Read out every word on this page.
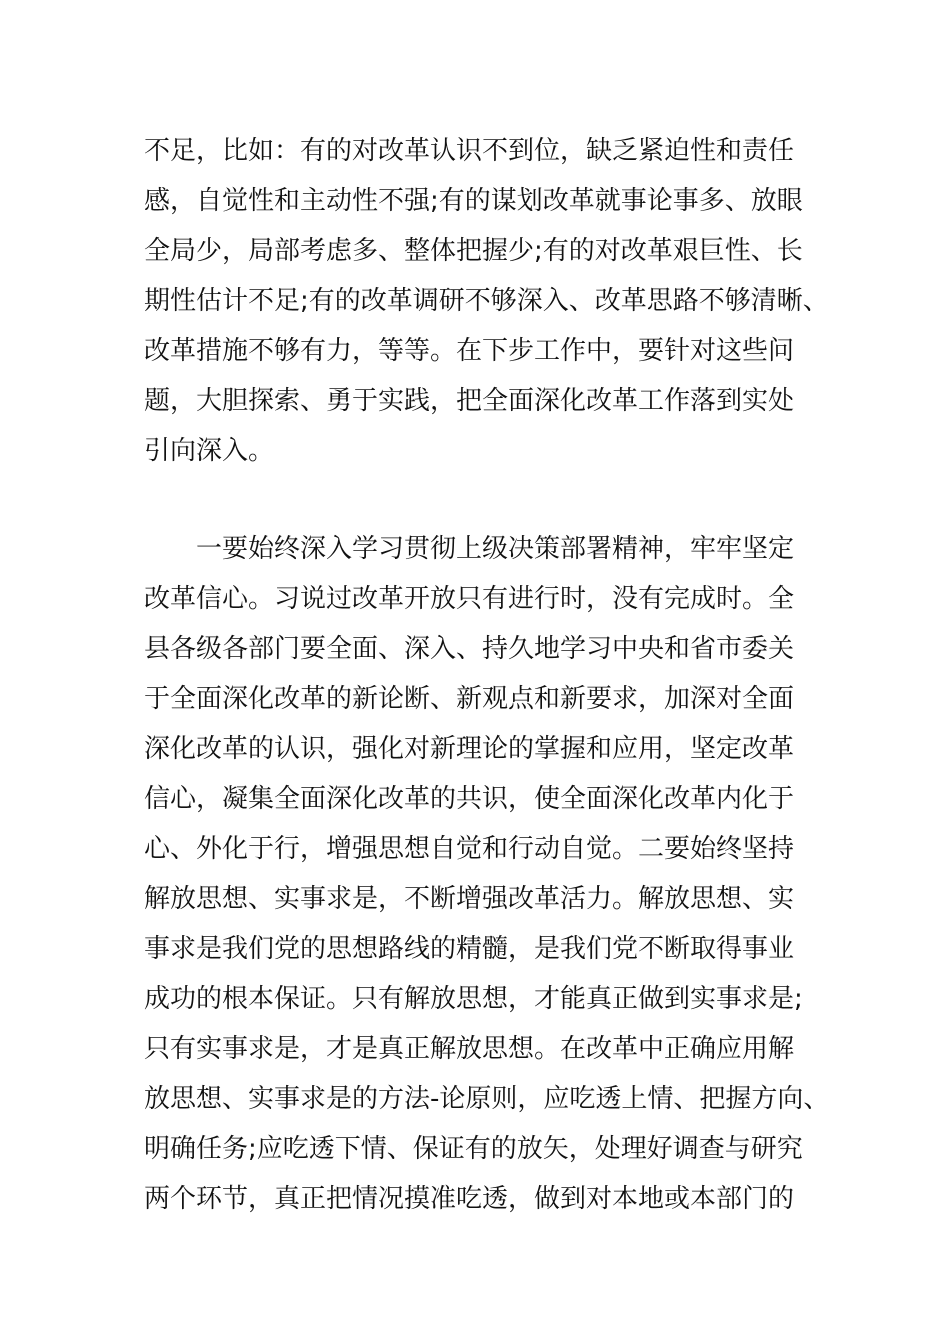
不足，比如：有的对改革认识不到位，缺乏紧迫性和责任
感，自觉性和主动性不强;有的谋划改革就事论事多、放眼
全局少，局部考虑多、整体把握少;有的对改革艰巨性、长
期性估计不足;有的改革调研不够深入、改革思路不够清晰、
改革措施不够有力，等等。在下步工作中，要针对这些问
题，大胆探索、勇于实践，把全面深化改革工作落到实处
引向深入。
一要始终深入学习贯彻上级决策部署精神，牢牢坚定
改革信心。习说过改革开放只有进行时，没有完成时。全
县各级各部门要全面、深入、持久地学习中央和省市委关
于全面深化改革的新论断、新观点和新要求，加深对全面
深化改革的认识，强化对新理论的掌握和应用，坚定改革
信心，凝集全面深化改革的共识，使全面深化改革内化于
心、外化于行，增强思想自觉和行动自觉。二要始终坚持
解放思想、实事求是，不断增强改革活力。解放思想、实
事求是我们党的思想路线的精髓，是我们党不断取得事业
成功的根本保证。只有解放思想，才能真正做到实事求是;
只有实事求是，才是真正解放思想。在改革中正确应用解
放思想、实事求是的方法-论原则，应吃透上情、把握方向、
明确任务;应吃透下情、保证有的放矢，处理好调查与研究
两个环节，真正把情况摸准吃透，做到对本地或本部门的
